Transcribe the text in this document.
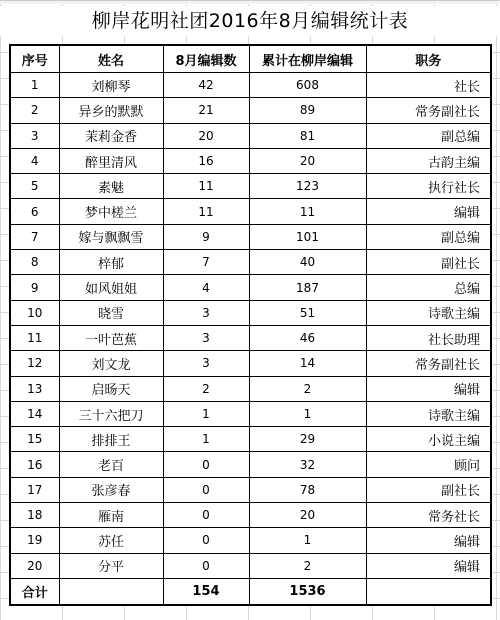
柳岸花明社团2016年8月编辑统计表
序号	姓名	8月编辑数	累计在柳岸编辑	职务
1	刘柳琴	42	608	社长
2	异乡的默默	21	89	常务副社长
3	茉莉金香	20	81	副总编
4	醉里清风	16	20	古韵主编
5	素魅	11	123	执行社长
6	梦中槎兰	11	11	编辑
7	嫁与飘飘雪	9	101	副总编
8	梓郁	7	40	副社长
9	如风姐姐	4	187	总编
10	晓雪	3	51	诗歌主编
11	一叶芭蕉	3	46	社长助理
12	刘文龙	3	14	常务副社长
13	启旸天	2	2	编辑
14	三十六把刀	1	1	诗歌主编
15	排排王	1	29	小说主编
16	老百	0	32	顾问
17	张彦春	0	78	副社长
18	雁南	0	20	常务社长
19	苏任	0	1	编辑
20	分平	0	2	编辑
合计		154	1536	
